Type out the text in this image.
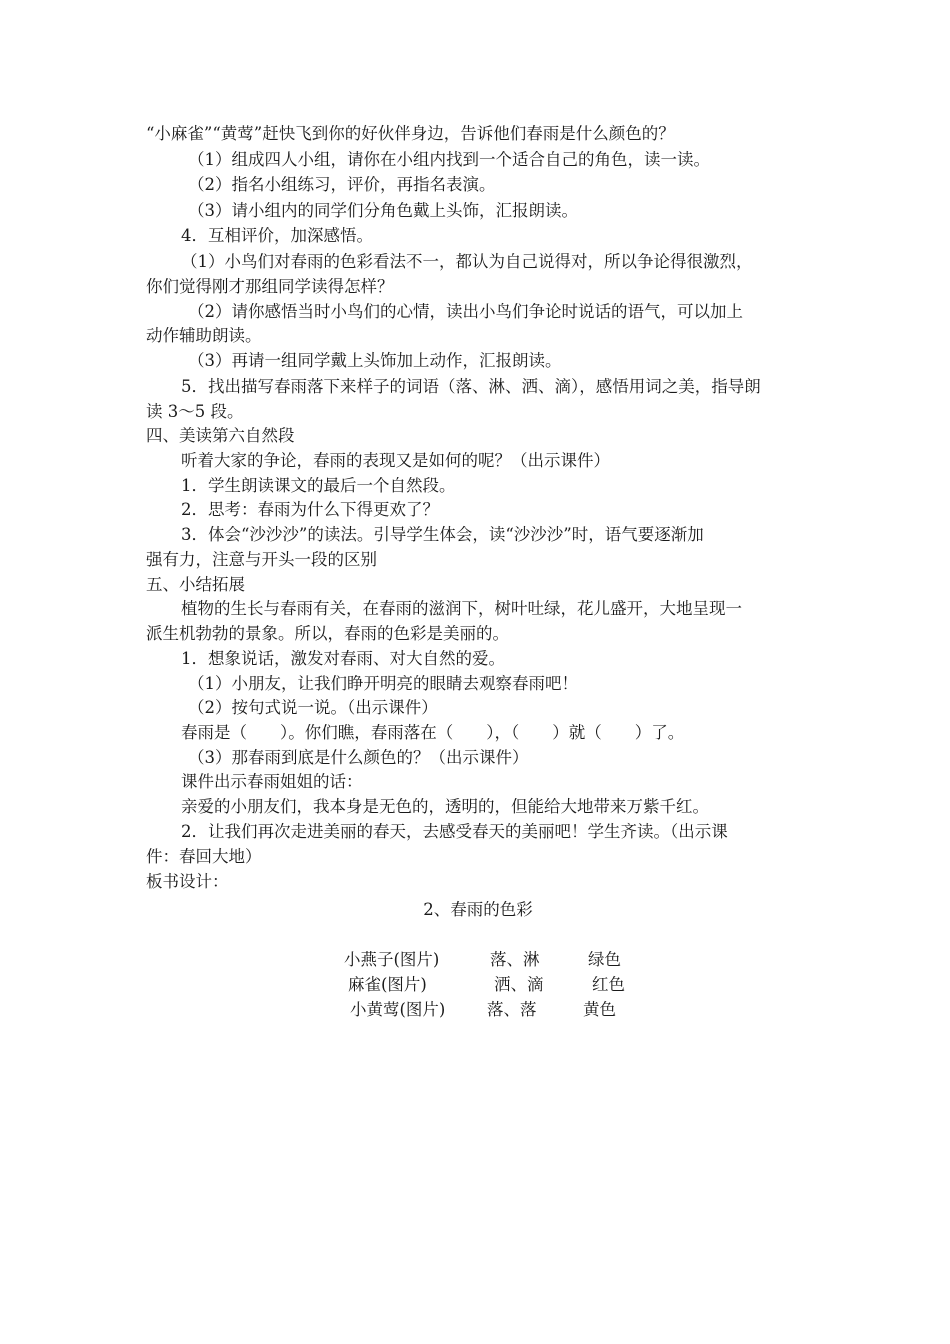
“小麻雀”“黄莺”赶快飞到你的好伙伴身边，告诉他们春雨是什么颜色的？
（1）组成四人小组，请你在小组内找到一个适合自己的角色，读一读。
（2）指名小组练习，评价，再指名表演。
（3）请小组内的同学们分角色戴上头饰，汇报朗读。
4．互相评价，加深感悟。
（1）小鸟们对春雨的色彩看法不一，都认为自己说得对，所以争论得很激烈，
你们觉得刚才那组同学读得怎样？
（2）请你感悟当时小鸟们的心情，读出小鸟们争论时说话的语气，可以加上
动作辅助朗读。
（3）再请一组同学戴上头饰加上动作，汇报朗读。
5．找出描写春雨落下来样子的词语（落、淋、洒、滴），感悟用词之美，指导朗
读 3～5 段。
四、美读第六自然段
听着大家的争论，春雨的表现又是如何的呢？（出示课件）
1．学生朗读课文的最后一个自然段。
2．思考：春雨为什么下得更欢了？
3．体会“沙沙沙”的读法。引导学生体会，读“沙沙沙”时，语气要逐渐加
强有力，注意与开头一段的区别
五、小结拓展
植物的生长与春雨有关，在春雨的滋润下，树叶吐绿，花儿盛开，大地呈现一
派生机勃勃的景象。所以，春雨的色彩是美丽的。
1．想象说话，激发对春雨、对大自然的爱。
（1）小朋友，让我们睁开明亮的眼睛去观察春雨吧！
（2）按句式说一说。（出示课件）
春雨是（　　）。你们瞧，春雨落在（　　），（　　）就（　　）了。
（3）那春雨到底是什么颜色的？（出示课件）
课件出示春雨姐姐的话：
亲爱的小朋友们，我本身是无色的，透明的，但能给大地带来万紫千红。
2．让我们再次走进美丽的春天，去感受春天的美丽吧！学生齐读。（出示课
件：春回大地）
板书设计：
2、春雨的色彩
小燕子(图片)	落、淋	绿色
麻雀(图片)	洒、滴	红色
小黄莺(图片)	落、落	黄色
